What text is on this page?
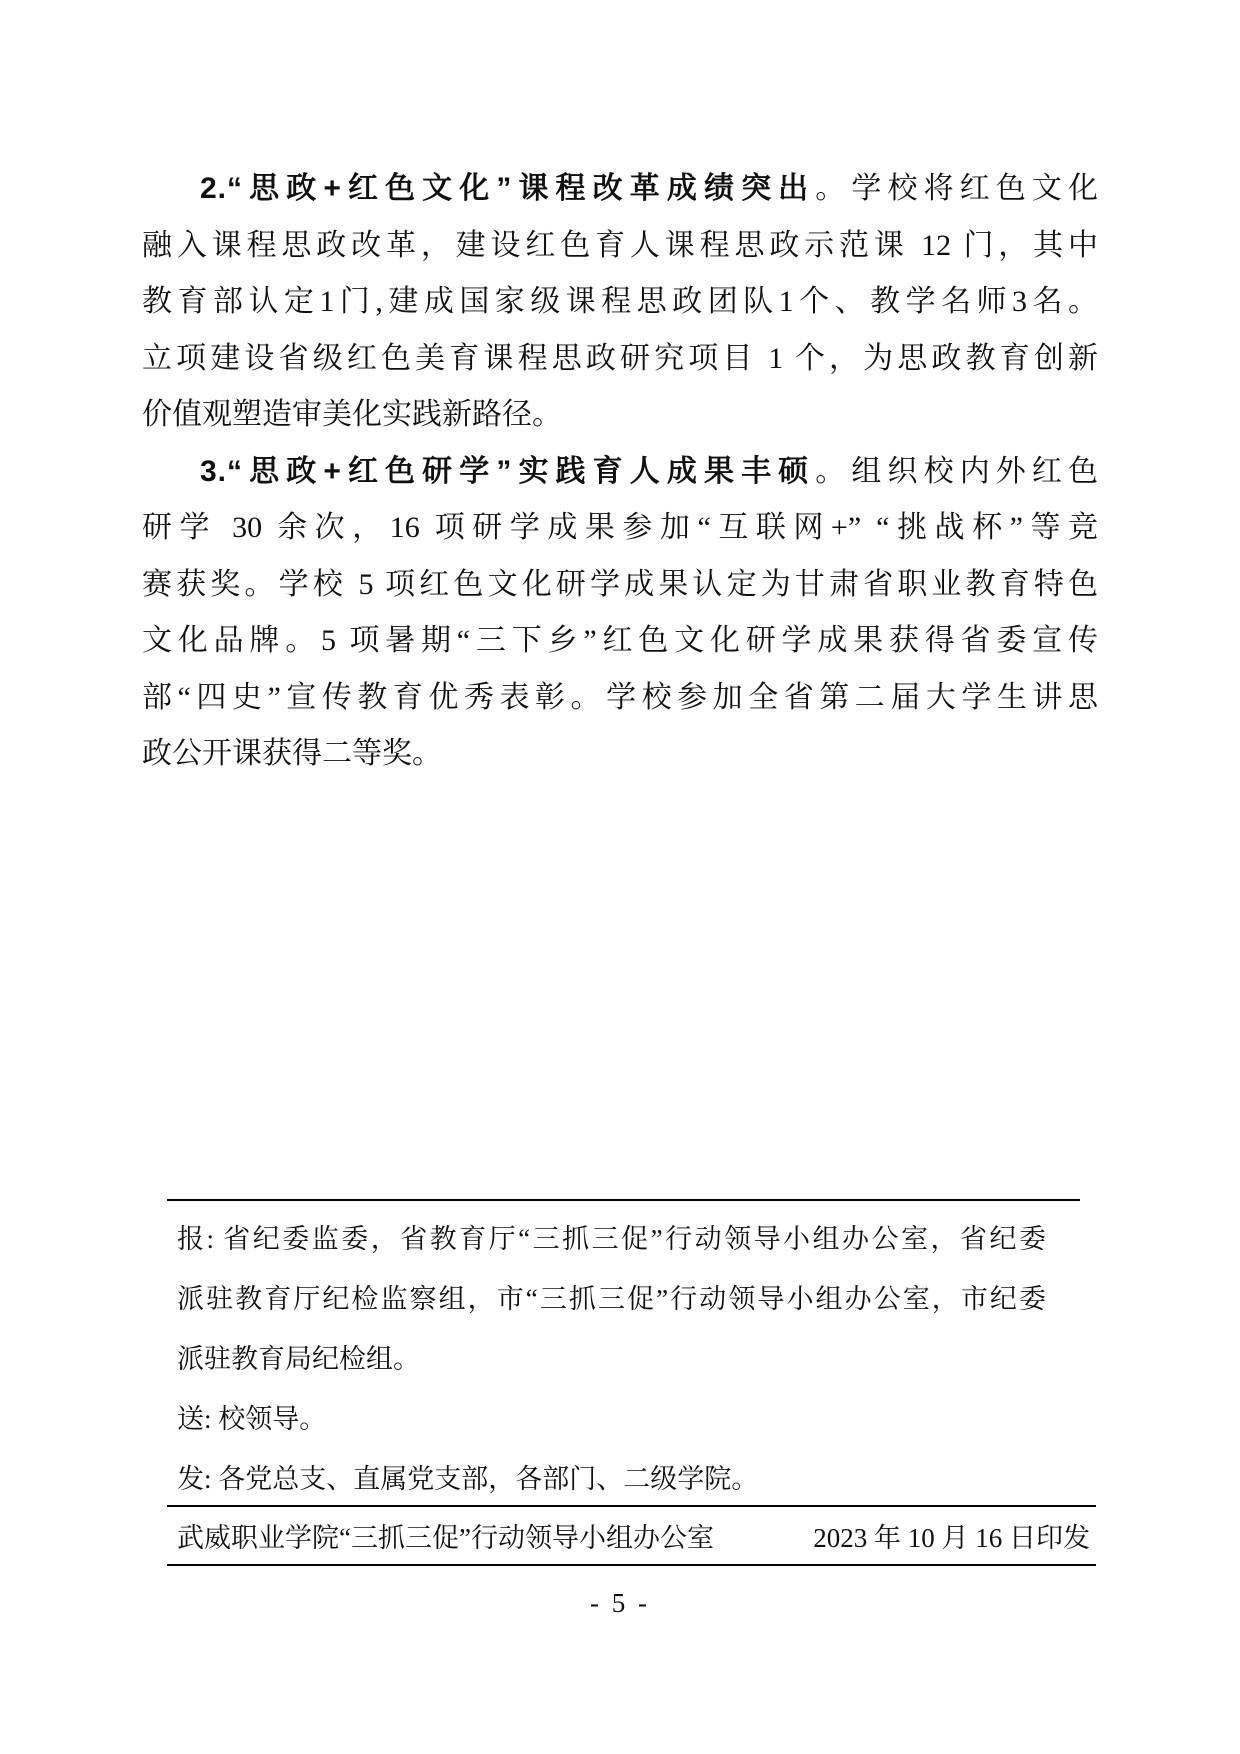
2.“思政+红色文化”课程改革成绩突出。学校将红色文化
融入课程思政改革，建设红色育人课程思政示范课 12 门，其中
教育部认定1门,建成国家级课程思政团队1个、教学名师3名。
立项建设省级红色美育课程思政研究项目 1 个，为思政教育创新
价值观塑造审美化实践新路径。
3.“思政+红色研学”实践育人成果丰硕。组织校内外红色
研学 30 余次，16 项研学成果参加“互联网+” “挑战杯”等竞
赛获奖。学校 5 项红色文化研学成果认定为甘肃省职业教育特色
文化品牌。5 项暑期“三下乡”红色文化研学成果获得省委宣传
部“四史”宣传教育优秀表彰。学校参加全省第二届大学生讲思
政公开课获得二等奖。
报: 省纪委监委，省教育厅“三抓三促”行动领导小组办公室，省纪委
派驻教育厅纪检监察组，市“三抓三促”行动领导小组办公室，市纪委
派驻教育局纪检组。
送: 校领导。
发: 各党总支、直属党支部，各部门、二级学院。
武威职业学院“三抓三促”行动领导小组办公室	2023 年 10 月 16 日印发
- 5 -
